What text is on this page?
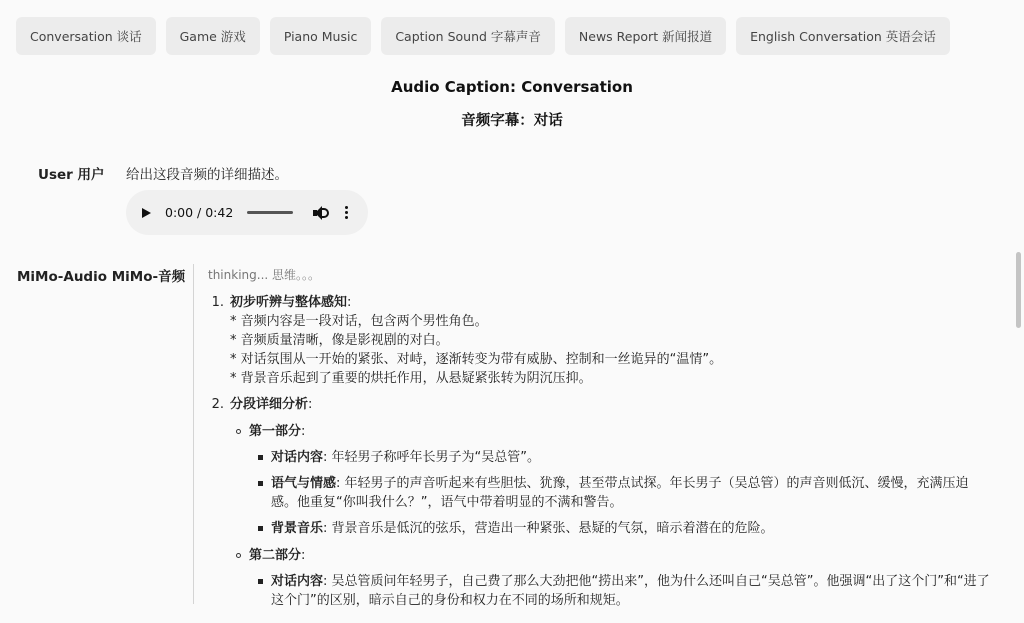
Conversation 谈话	Game 游戏	Piano Music	Caption Sound 字幕声音	News Report 新闻报道	English Conversation 英语会话
Audio Caption: Conversation
音频字幕：对话
User 用户 给出这段音频的详细描述。
0:00 / 0:42
MiMo-Audio MiMo-音频 thinking... 思维。。。
1. 初步听辨与整体感知:
* 音频内容是一段对话，包含两个男性角色。
* 音频质量清晰，像是影视剧的对白。
* 对话氛围从一开始的紧张、对峙，逐渐转变为带有威胁、控制和一丝诡异的“温情”。
* 背景音乐起到了重要的烘托作用，从悬疑紧张转为阴沉压抑。
2. 分段详细分析:
第一部分:
对话内容: 年轻男子称呼年长男子为“吴总管”。
语气与情感: 年轻男子的声音听起来有些胆怯、犹豫，甚至带点试探。年长男子（吴总管）的声音则低沉、缓慢，充满压迫感。他重复“你叫我什么？”，语气中带着明显的不满和警告。
背景音乐: 背景音乐是低沉的弦乐，营造出一种紧张、悬疑的气氛，暗示着潜在的危险。
第二部分:
对话内容: 吴总管质问年轻男子，自己费了那么大劲把他“捞出来”，他为什么还叫自己“吴总管”。他强调“出了这个门”和“进了这个门”的区别，暗示自己的身份和权力在不同的场所和规矩。
